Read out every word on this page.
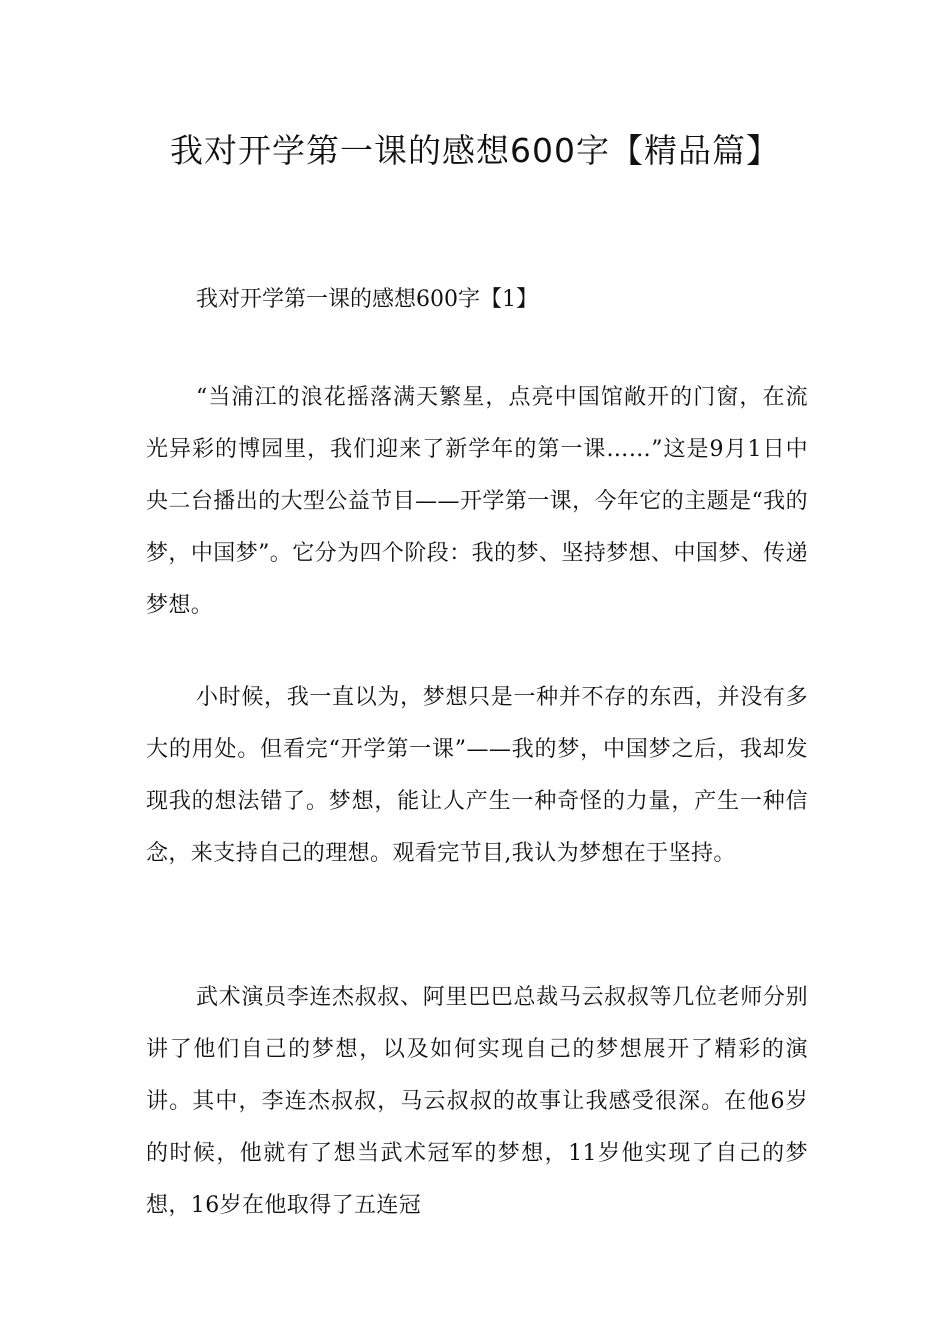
我对开学第一课的感想600字【精品篇】

我对开学第一课的感想600字【1】

“当浦江的浪花摇落满天繁星，点亮中国馆敞开的门窗，在流光异彩的博园里，我们迎来了新学年的第一课……”这是9月1日中央二台播出的大型公益节目——开学第一课，今年它的主题是“我的梦，中国梦”。它分为四个阶段：我的梦、坚持梦想、中国梦、传递梦想。

小时候，我一直以为，梦想只是一种并不存的东西，并没有多大的用处。但看完“开学第一课”——我的梦，中国梦之后，我却发现我的想法错了。梦想，能让人产生一种奇怪的力量，产生一种信念，来支持自己的理想。观看完节目,我认为梦想在于坚持。

武术演员李连杰叔叔、阿里巴巴总裁马云叔叔等几位老师分别讲了他们自己的梦想，以及如何实现自己的梦想展开了精彩的演讲。其中，李连杰叔叔，马云叔叔的故事让我感受很深。在他6岁的时候，他就有了想当武术冠军的梦想，11岁他实现了自己的梦想，16岁在他取得了五连冠
